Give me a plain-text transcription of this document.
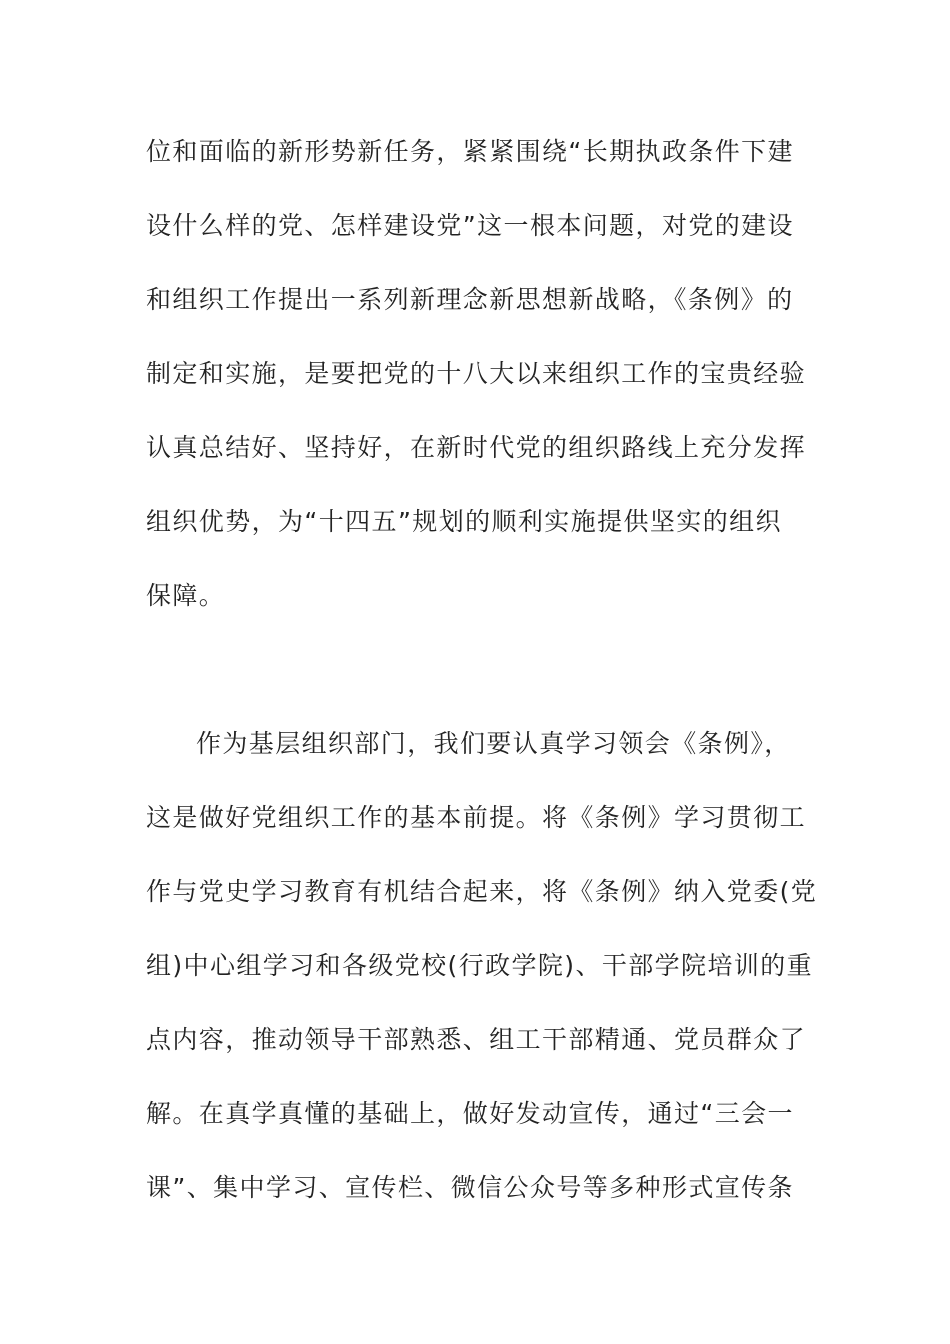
位和面临的新形势新任务，紧紧围绕“长期执政条件下建
设什么样的党、怎样建设党”这一根本问题，对党的建设
和组织工作提出一系列新理念新思想新战略，《条例》的
制定和实施，是要把党的十八大以来组织工作的宝贵经验
认真总结好、坚持好，在新时代党的组织路线上充分发挥
组织优势，为“十四五”规划的顺利实施提供坚实的组织
保障。
作为基层组织部门，我们要认真学习领会《条例》，
这是做好党组织工作的基本前提。将《条例》学习贯彻工
作与党史学习教育有机结合起来，将《条例》纳入党委(党
组)中心组学习和各级党校(行政学院)、干部学院培训的重
点内容，推动领导干部熟悉、组工干部精通、党员群众了
解。在真学真懂的基础上，做好发动宣传，通过“三会一
课”、集中学习、宣传栏、微信公众号等多种形式宣传条
